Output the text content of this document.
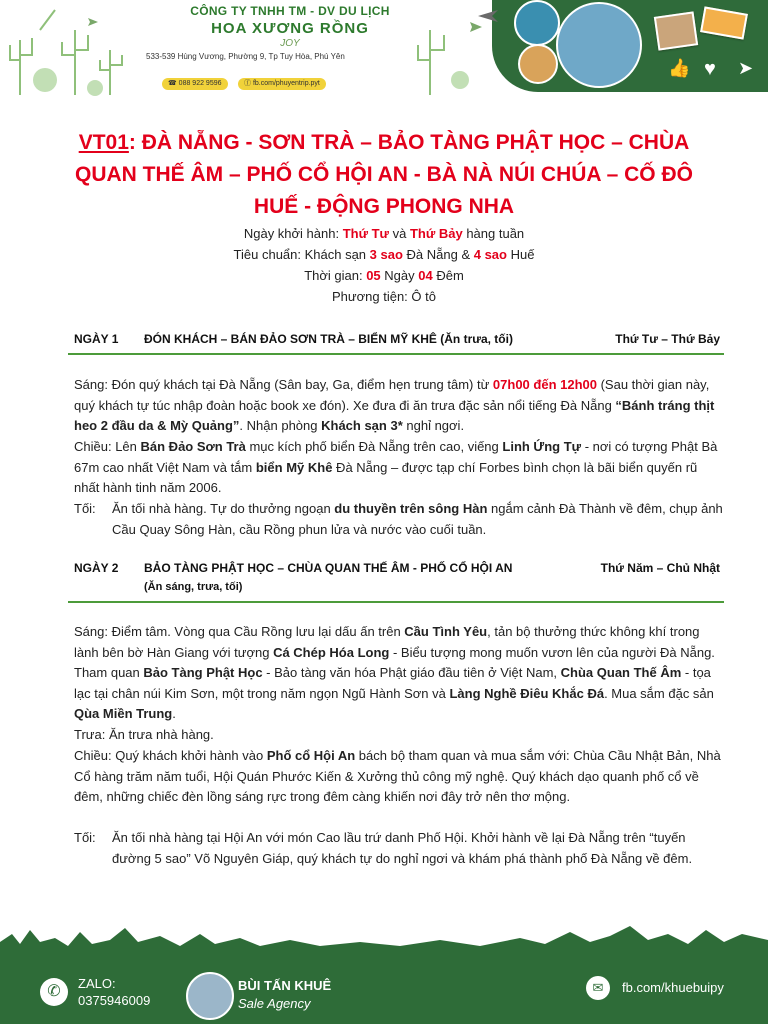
CÔNG TY TNHH TM - DV DU LỊCH
HOA XƯƠNG RỒNG
JOY
533-539 Hùng Vương, Phường 9, Tp Tuy Hòa, Phú Yên
☎ 088 922 9596	ⓕ fb.com/phuyentrip.pyt
👍 ♥ ➤
VT01: ĐÀ NẴNG - SƠN TRÀ – BẢO TÀNG PHẬT HỌC – CHÙA QUAN THẾ ÂM – PHỐ CỔ HỘI AN - BÀ NÀ NÚI CHÚA – CỐ ĐÔ HUẾ - ĐỘNG PHONG NHA
Ngày khởi hành: Thứ Tư và Thứ Bảy hàng tuần
Tiêu chuẩn: Khách sạn 3 sao Đà Nẵng & 4 sao Huế
Thời gian: 05 Ngày 04 Đêm
Phương tiện: Ô tô
NGÀY 1 ĐÓN KHÁCH – BÁN ĐẢO SƠN TRÀ – BIỂN MỸ KHÊ (Ăn trưa, tối)	Thứ Tư – Thứ Bảy
Sáng: Đón quý khách tại Đà Nẵng (Sân bay, Ga, điểm hẹn trung tâm) từ 07h00 đến 12h00 (Sau thời gian này, quý khách tự túc nhập đoàn hoặc book xe đón). Xe đưa đi ăn trưa đặc sản nổi tiếng Đà Nẵng “Bánh tráng thịt heo 2 đầu da & Mỳ Quảng”. Nhận phòng Khách sạn 3* nghỉ ngơi.
Chiều: Lên Bán Đảo Sơn Trà mục kích phố biển Đà Nẵng trên cao, viếng Linh Ứng Tự - nơi có tượng Phật Bà 67m cao nhất Việt Nam và tắm biển Mỹ Khê Đà Nẵng – được tạp chí Forbes bình chọn là bãi biển quyến rũ nhất hành tinh năm 2006.
Tối:	Ăn tối nhà hàng. Tự do thưởng ngoạn du thuyền trên sông Hàn ngắm cảnh Đà Thành về đêm, chụp ảnh Cầu Quay Sông Hàn, cầu Rồng phun lửa và nước vào cuối tuần.
NGÀY 2 BẢO TÀNG PHẬT HỌC – CHÙA QUAN THẾ ÂM - PHỐ CỔ HỘI AN	Thứ Năm – Chủ Nhật
(Ăn sáng, trưa, tối)
Sáng: Điểm tâm. Vòng qua Cầu Rồng lưu lại dấu ấn trên Cầu Tình Yêu, tản bộ thưởng thức không khí trong lành bên bờ Hàn Giang với tượng Cá Chép Hóa Long - Biểu tượng mong muốn vươn lên của người Đà Nẵng. Tham quan Bảo Tàng Phật Học - Bảo tàng văn hóa Phật giáo đầu tiên ở Việt Nam, Chùa Quan Thế Âm - tọa lạc tại chân núi Kim Sơn, một trong năm ngọn Ngũ Hành Sơn và Làng Nghề Điêu Khắc Đá. Mua sắm đặc sản Qùa Miền Trung.
Trưa: Ăn trưa nhà hàng.
Chiều: Quý khách khởi hành vào Phố cổ Hội An bách bộ tham quan và mua sắm với: Chùa Cầu Nhật Bản, Nhà Cổ hàng trăm năm tuổi, Hội Quán Phước Kiến & Xưởng thủ công mỹ nghệ. Quý khách dạo quanh phố cổ về đêm, những chiếc đèn lồng sáng rực trong đêm càng khiến nơi đây trở nên thơ mộng.
Tối:	Ăn tối nhà hàng tại Hội An với món Cao lầu trứ danh Phố Hội. Khởi hành về lại Đà Nẵng trên “tuyến đường 5 sao” Võ Nguyên Giáp, quý khách tự do nghỉ ngơi và khám phá thành phố Đà Nẵng về đêm.
✆	ZALO:
0375946009
BÙI TẤN KHUÊ
Sale Agency
✉	fb.com/khuebuipy
